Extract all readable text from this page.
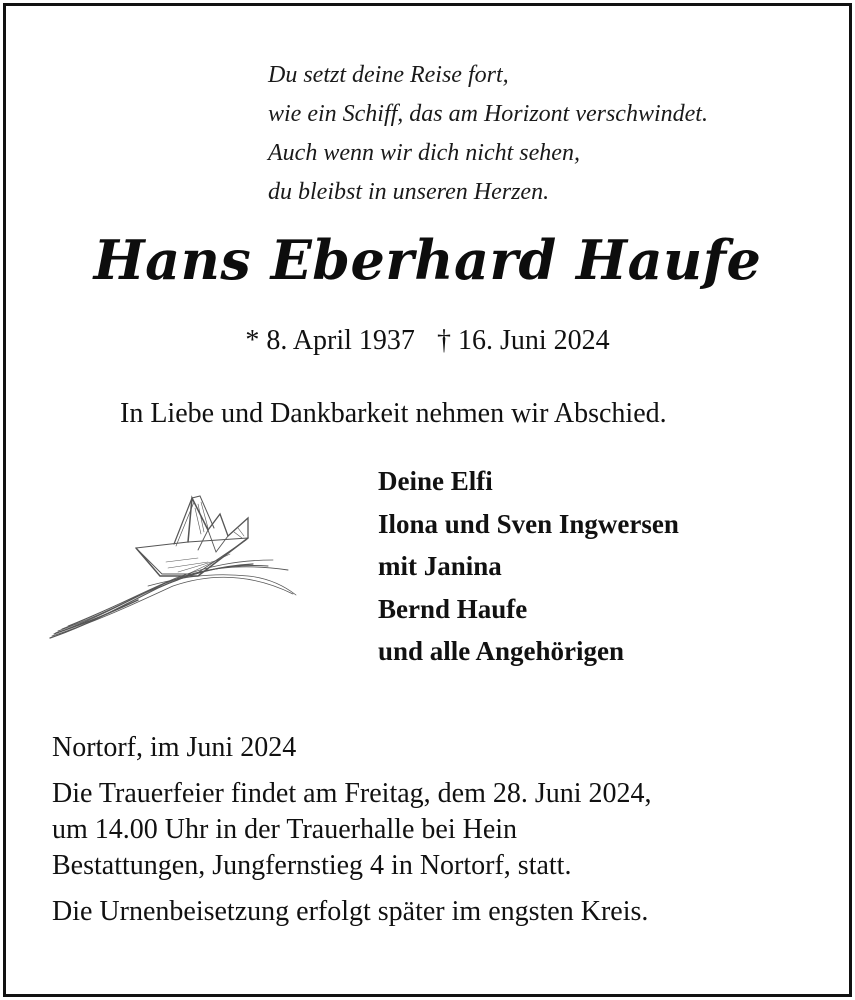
Du setzt deine Reise fort,
wie ein Schiff, das am Horizont verschwindet.
Auch wenn wir dich nicht sehen,
du bleibst in unseren Herzen.
Hans Eberhard Haufe
* 8. April 1937 † 16. Juni 2024
In Liebe und Dankbarkeit nehmen wir Abschied.
Deine Elfi
Ilona und Sven Ingwersen
mit Janina
Bernd Haufe
und alle Angehörigen
Nortorf, im Juni 2024
Die Trauerfeier findet am Freitag, dem 28. Juni 2024,
um 14.00 Uhr in der Trauerhalle bei Hein
Bestattungen, Jungfernstieg 4 in Nortorf, statt.
Die Urnenbeisetzung erfolgt später im engsten Kreis.
